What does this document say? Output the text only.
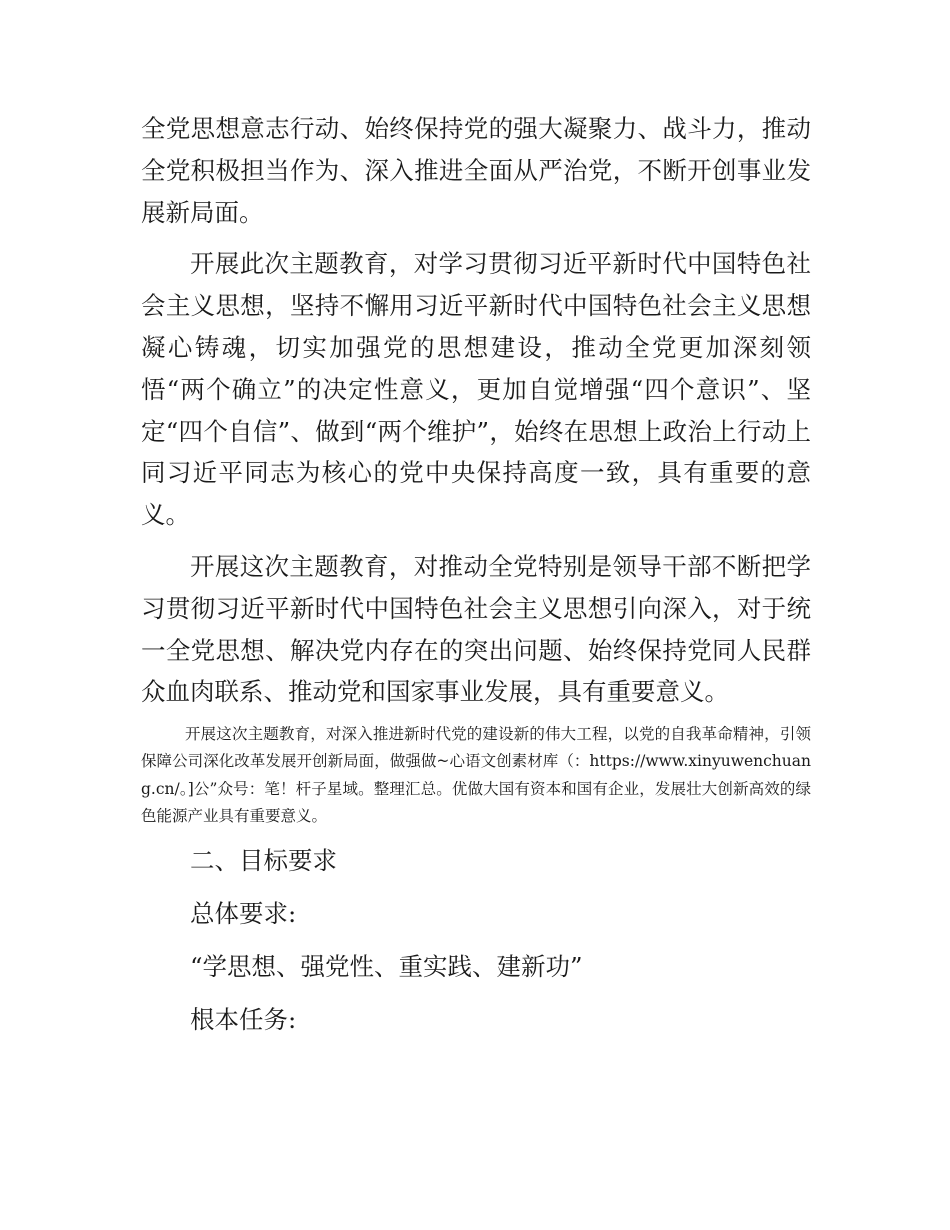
全党思想意志行动、始终保持党的强大凝聚力、战斗力，推动全党积极担当作为、深入推进全面从严治党，不断开创事业发展新局面。

开展此次主题教育，对学习贯彻习近平新时代中国特色社会主义思想，坚持不懈用习近平新时代中国特色社会主义思想凝心铸魂，切实加强党的思想建设，推动全党更加深刻领悟“两个确立”的决定性意义，更加自觉增强“四个意识”、坚定“四个自信”、做到“两个维护”，始终在思想上政治上行动上同习近平同志为核心的党中央保持高度一致，具有重要的意义。

开展这次主题教育，对推动全党特别是领导干部不断把学习贯彻习近平新时代中国特色社会主义思想引向深入，对于统一全党思想、解决党内存在的突出问题、始终保持党同人民群众血肉联系、推动党和国家事业发展，具有重要意义。

开展这次主题教育，对深入推进新时代党的建设新的伟大工程，以党的自我革命精神，引领保障公司深化改革发展开创新局面，做强做~心语文创素材库（：https://www.xinyuwenchuang.cn/。]公”众号：笔！杆子星域。整理汇总。优做大国有资本和国有企业，发展壮大创新高效的绿色能源产业具有重要意义。

二、目标要求

总体要求:

“学思想、强党性、重实践、建新功”

根本任务:
